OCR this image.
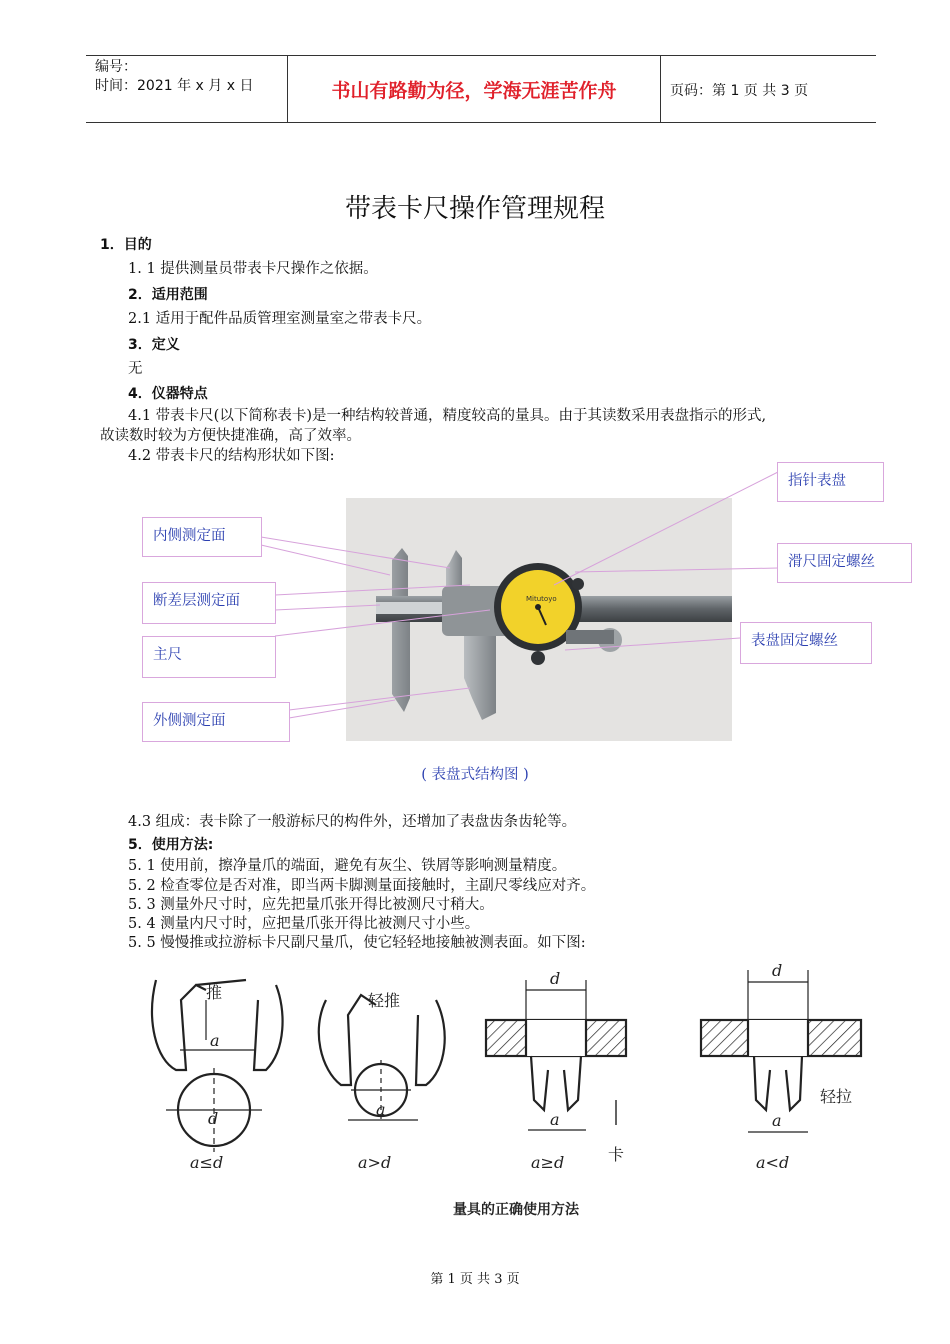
编号：
时间：2021 年 x 月 x 日	书山有路勤为径，学海无涯苦作舟	页码：第 1 页 共 3 页
带表卡尺操作管理规程
1．目的
1. 1 提供测量员带表卡尺操作之依据。
2．适用范围
2.1 适用于配件品质管理室测量室之带表卡尺。
3．定义
无
4．仪器特点
4.1 带表卡尺(以下简称表卡)是一种结构较普通，精度较高的量具。由于其读数采用表盘指示的形式,
故读数时较为方便快捷准确，高了效率。
4.2 带表卡尺的结构形状如下图:
Mitutoyo
指针表盘
内侧测定面
滑尺固定螺丝
断差层测定面
表盘固定螺丝
主尺
外侧测定面
( 表盘式结构图 )
4.3 组成：表卡除了一般游标尺的构件外，还增加了表盘齿条齿轮等。
5．使用方法:
5. 1 使用前，擦净量爪的端面，避免有灰尘、铁屑等影响测量精度。
5. 2 检查零位是否对准，即当两卡脚测量面接触时，主副尺零线应对齐。
5. 3 测量外尺寸时，应先把量爪张开得比被测尺寸稍大。
5. 4 测量内尺寸时，应把量爪张开得比被测尺寸小些。
5. 5 慢慢推或拉游标卡尺副尺量爪，使它轻轻地接触被测表面。如下图:
推
a
d
a≤d
轻推
a
a>d
d
a
a≥d	卡
d
a
a<d
轻拉
量具的正确使用方法
第 1 页 共 3 页
